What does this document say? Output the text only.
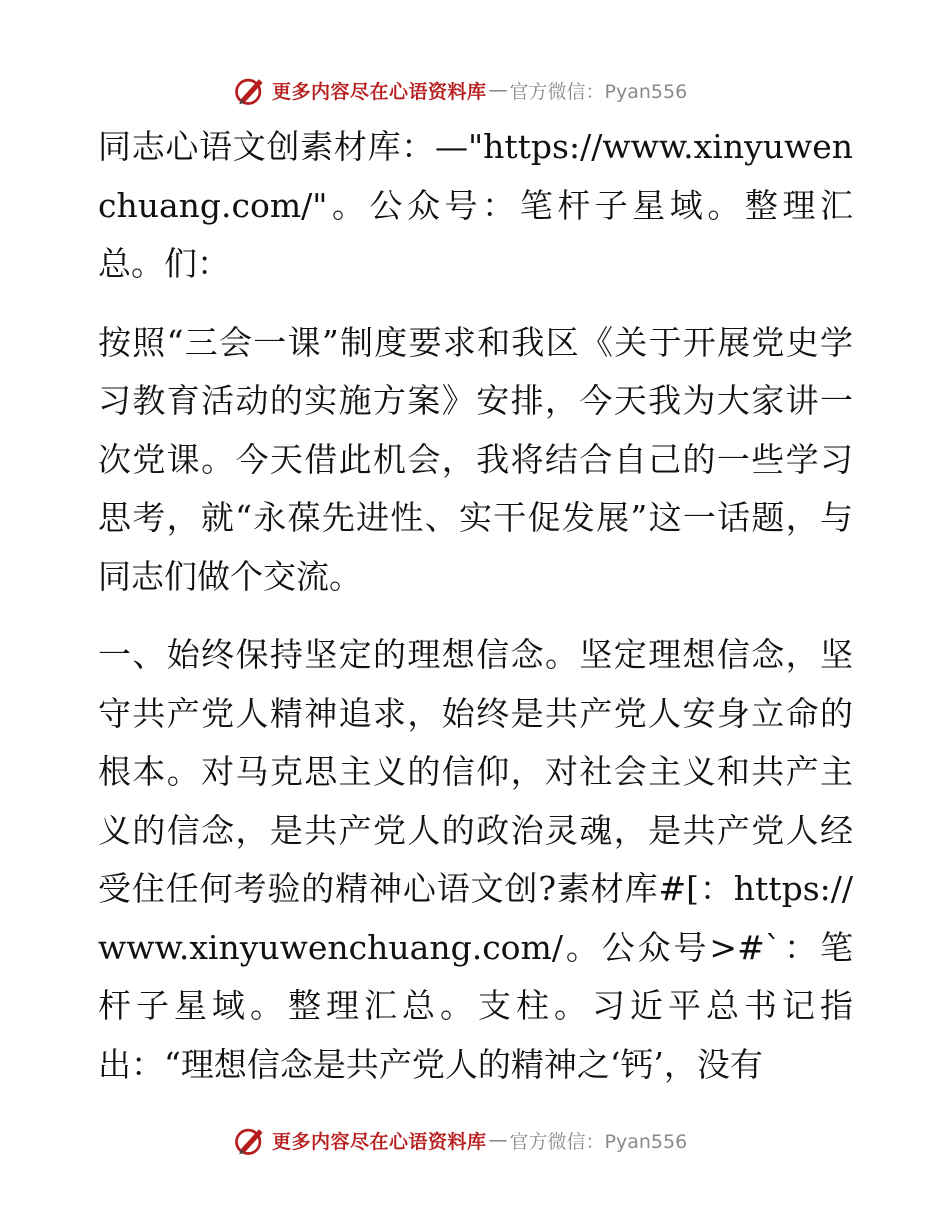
更多内容尽在心语资料库 — 官方微信：Pyan556

同志心语文创素材库：—"https://www.xinyuwenchuang.com/"。公众号：笔杆子星域。整理汇总。们：

按照“三会一课”制度要求和我区《关于开展党史学习教育活动的实施方案》安排，今天我为大家讲一次党课。今天借此机会，我将结合自己的一些学习思考，就“永葆先进性、实干促发展”这一话题，与同志们做个交流。

一、始终保持坚定的理想信念。坚定理想信念，坚守共产党人精神追求，始终是共产党人安身立命的根本。对马克思主义的信仰，对社会主义和共产主义的信念，是共产党人的政治灵魂，是共产党人经受住任何考验的精神心语文创?素材库#[：https://www.xinyuwenchuang.com/。公众号>#`：笔杆子星域。整理汇总。支柱。习近平总书记指出：“理想信念是共产党人的精神之‘钙’，没有

更多内容尽在心语资料库 — 官方微信：Pyan556
